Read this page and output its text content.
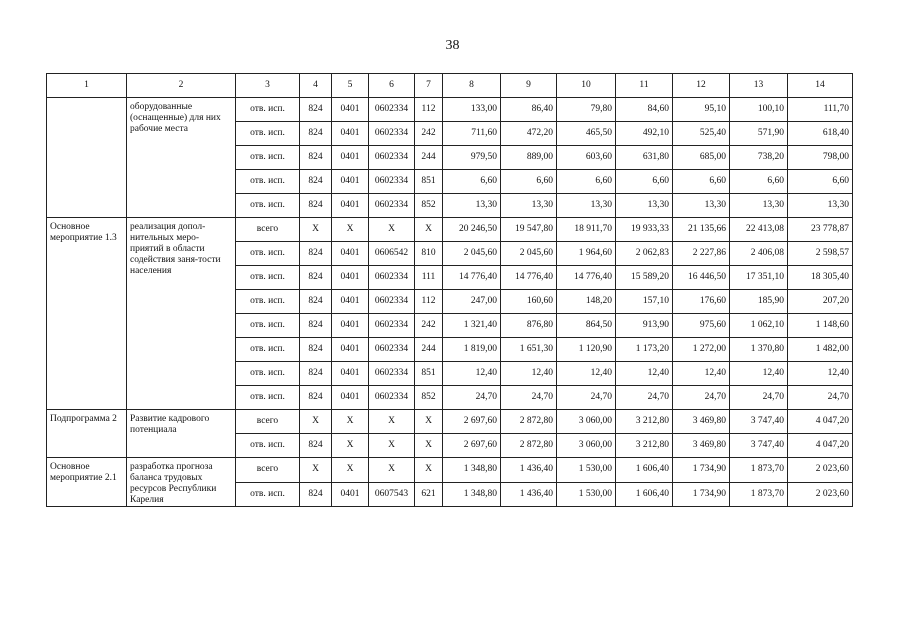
38
1	2	3	4	5	6	7	8	9	10	11	12	13	14
	оборудованные (оснащенные) для них рабочие места	отв. исп.	824	0401	0602334	112	133,00	86,40	79,80	84,60	95,10	100,10	111,70
		отв. исп.	824	0401	0602334	242	711,60	472,20	465,50	492,10	525,40	571,90	618,40
		отв. исп.	824	0401	0602334	244	979,50	889,00	603,60	631,80	685,00	738,20	798,00
		отв. исп.	824	0401	0602334	851	6,60	6,60	6,60	6,60	6,60	6,60	6,60
		отв. исп.	824	0401	0602334	852	13,30	13,30	13,30	13,30	13,30	13,30	13,30
Основное мероприятие 1.3	реализация допол-нительных меро-приятий в области содействия заня-тости населения	всего	Х	Х	Х	Х	20 246,50	19 547,80	18 911,70	19 933,33	21 135,66	22 413,08	23 778,87
		отв. исп.	824	0401	0606542	810	2 045,60	2 045,60	1 964,60	2 062,83	2 227,86	2 406,08	2 598,57
		отв. исп.	824	0401	0602334	111	14 776,40	14 776,40	14 776,40	15 589,20	16 446,50	17 351,10	18 305,40
		отв. исп.	824	0401	0602334	112	247,00	160,60	148,20	157,10	176,60	185,90	207,20
		отв. исп.	824	0401	0602334	242	1 321,40	876,80	864,50	913,90	975,60	1 062,10	1 148,60
		отв. исп.	824	0401	0602334	244	1 819,00	1 651,30	1 120,90	1 173,20	1 272,00	1 370,80	1 482,00
		отв. исп.	824	0401	0602334	851	12,40	12,40	12,40	12,40	12,40	12,40	12,40
		отв. исп.	824	0401	0602334	852	24,70	24,70	24,70	24,70	24,70	24,70	24,70
Подпрограмма 2	Развитие кадрового потенциала	всего	Х	Х	Х	Х	2 697,60	2 872,80	3 060,00	3 212,80	3 469,80	3 747,40	4 047,20
		отв. исп.	824	Х	Х	Х	2 697,60	2 872,80	3 060,00	3 212,80	3 469,80	3 747,40	4 047,20
Основное мероприятие 2.1	разработка прогноза баланса трудовых ресурсов Республики Карелия	всего	Х	Х	Х	Х	1 348,80	1 436,40	1 530,00	1 606,40	1 734,90	1 873,70	2 023,60
		отв. исп.	824	0401	0607543	621	1 348,80	1 436,40	1 530,00	1 606,40	1 734,90	1 873,70	2 023,60
